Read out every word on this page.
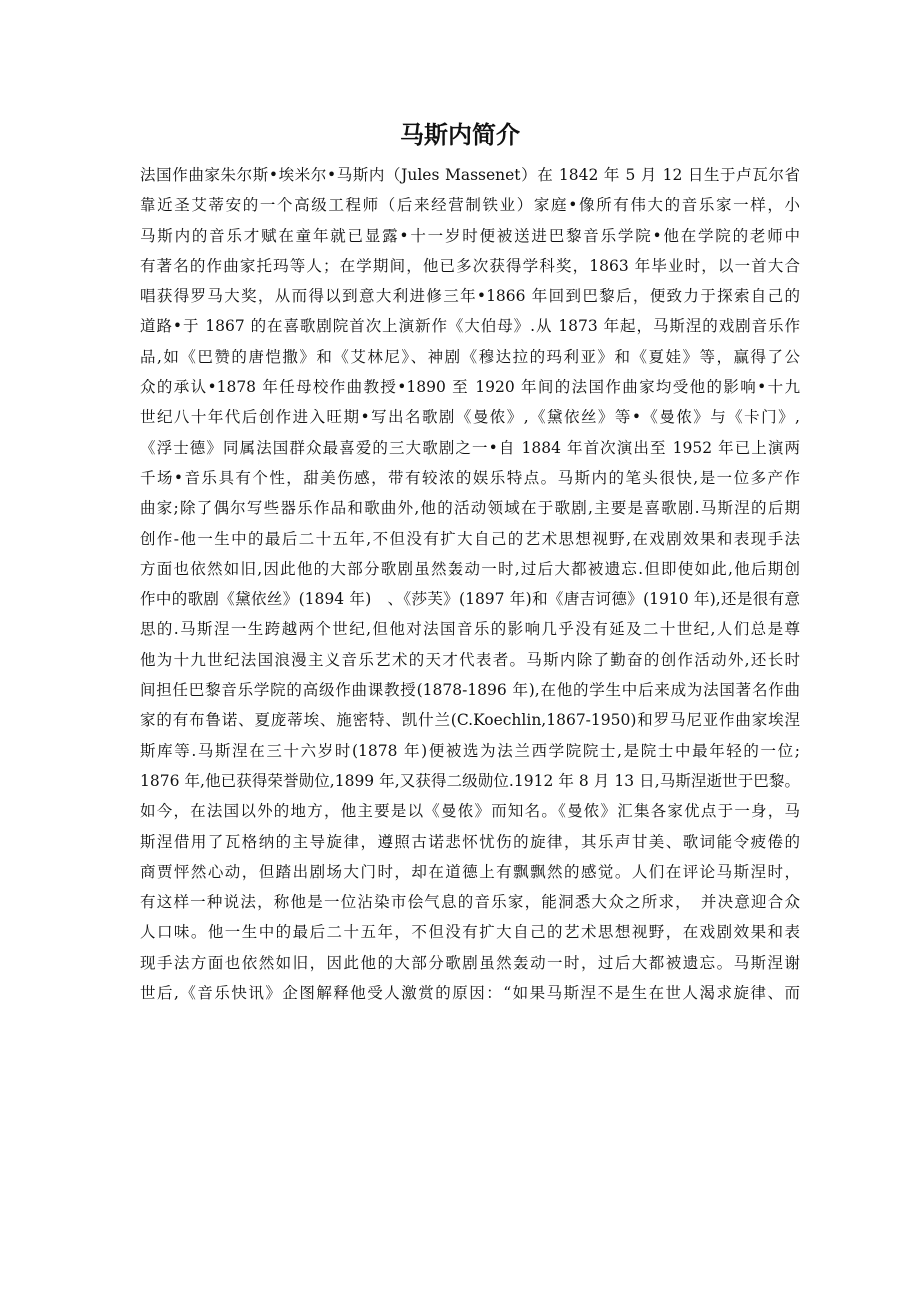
马斯内简介
法国作曲家朱尔斯•埃米尔•马斯内（Jules Massenet）在 1842 年 5 月 12 日生于卢瓦尔省
靠近圣艾蒂安的一个高级工程师（后来经营制铁业）家庭•像所有伟大的音乐家一样，小
马斯内的音乐才赋在童年就已显露•十一岁时便被送进巴黎音乐学院•他在学院的老师中
有著名的作曲家托玛等人；在学期间，他已多次获得学科奖，1863 年毕业时，以一首大合
唱获得罗马大奖，从而得以到意大利进修三年•1866 年回到巴黎后，便致力于探索自己的
道路•于 1867 的在喜歌剧院首次上演新作《大伯母》.从 1873 年起，马斯涅的戏剧音乐作
品,如《巴赞的唐恺撒》和《艾林尼》、神剧《穆达拉的玛利亚》和《夏娃》等，赢得了公
众的承认•1878 年任母校作曲教授•1890 至 1920 年间的法国作曲家均受他的影响•十九
世纪八十年代后创作进入旺期•写出名歌剧《曼侬》,《黛依丝》等•《曼侬》与《卡门》,
《浮士德》同属法国群众最喜爱的三大歌剧之一•自 1884 年首次演出至 1952 年已上演两
千场•音乐具有个性，甜美伤感，带有较浓的娱乐特点。马斯内的笔头很快,是一位多产作
曲家;除了偶尔写些器乐作品和歌曲外,他的活动领域在于歌剧,主要是喜歌剧.马斯涅的后期
创作-他一生中的最后二十五年,不但没有扩大自己的艺术思想视野,在戏剧效果和表现手法
方面也依然如旧,因此他的大部分歌剧虽然轰动一时,过后大都被遗忘.但即使如此,他后期创
作中的歌剧《黛依丝》(1894 年)　、《莎芙》(1897 年)和《唐吉诃德》(1910 年),还是很有意
思的.马斯涅一生跨越两个世纪,但他对法国音乐的影响几乎没有延及二十世纪,人们总是尊
他为十九世纪法国浪漫主义音乐艺术的天才代表者。马斯内除了勤奋的创作活动外,还长时
间担任巴黎音乐学院的高级作曲课教授(1878-1896 年),在他的学生中后来成为法国著名作曲
家的有布鲁诺、夏庞蒂埃、施密特、凯什兰(C.Koechlin,1867-1950)和罗马尼亚作曲家埃涅
斯库等.马斯涅在三十六岁时(1878 年)便被选为法兰西学院院士,是院士中最年轻的一位;
1876 年,他已获得荣誉勋位,1899 年,又获得二级勋位.1912 年 8 月 13 日,马斯涅逝世于巴黎。
如今，在法国以外的地方，他主要是以《曼侬》而知名。《曼侬》汇集各家优点于一身，马
斯涅借用了瓦格纳的主导旋律，遵照古诺悲怀忧伤的旋律，其乐声甘美、歌词能令疲倦的
商贾怦然心动，但踏出剧场大门时，却在道德上有飘飘然的感觉。人们在评论马斯涅时，
有这样一种说法，称他是一位沾染市侩气息的音乐家，能洞悉大众之所求，　并决意迎合众
人口味。他一生中的最后二十五年，不但没有扩大自己的艺术思想视野，在戏剧效果和表
现手法方面也依然如旧，因此他的大部分歌剧虽然轰动一时，过后大都被遗忘。马斯涅谢
世后,《音乐快讯》企图解释他受人激赏的原因：“如果马斯涅不是生在世人渴求旋律、而
